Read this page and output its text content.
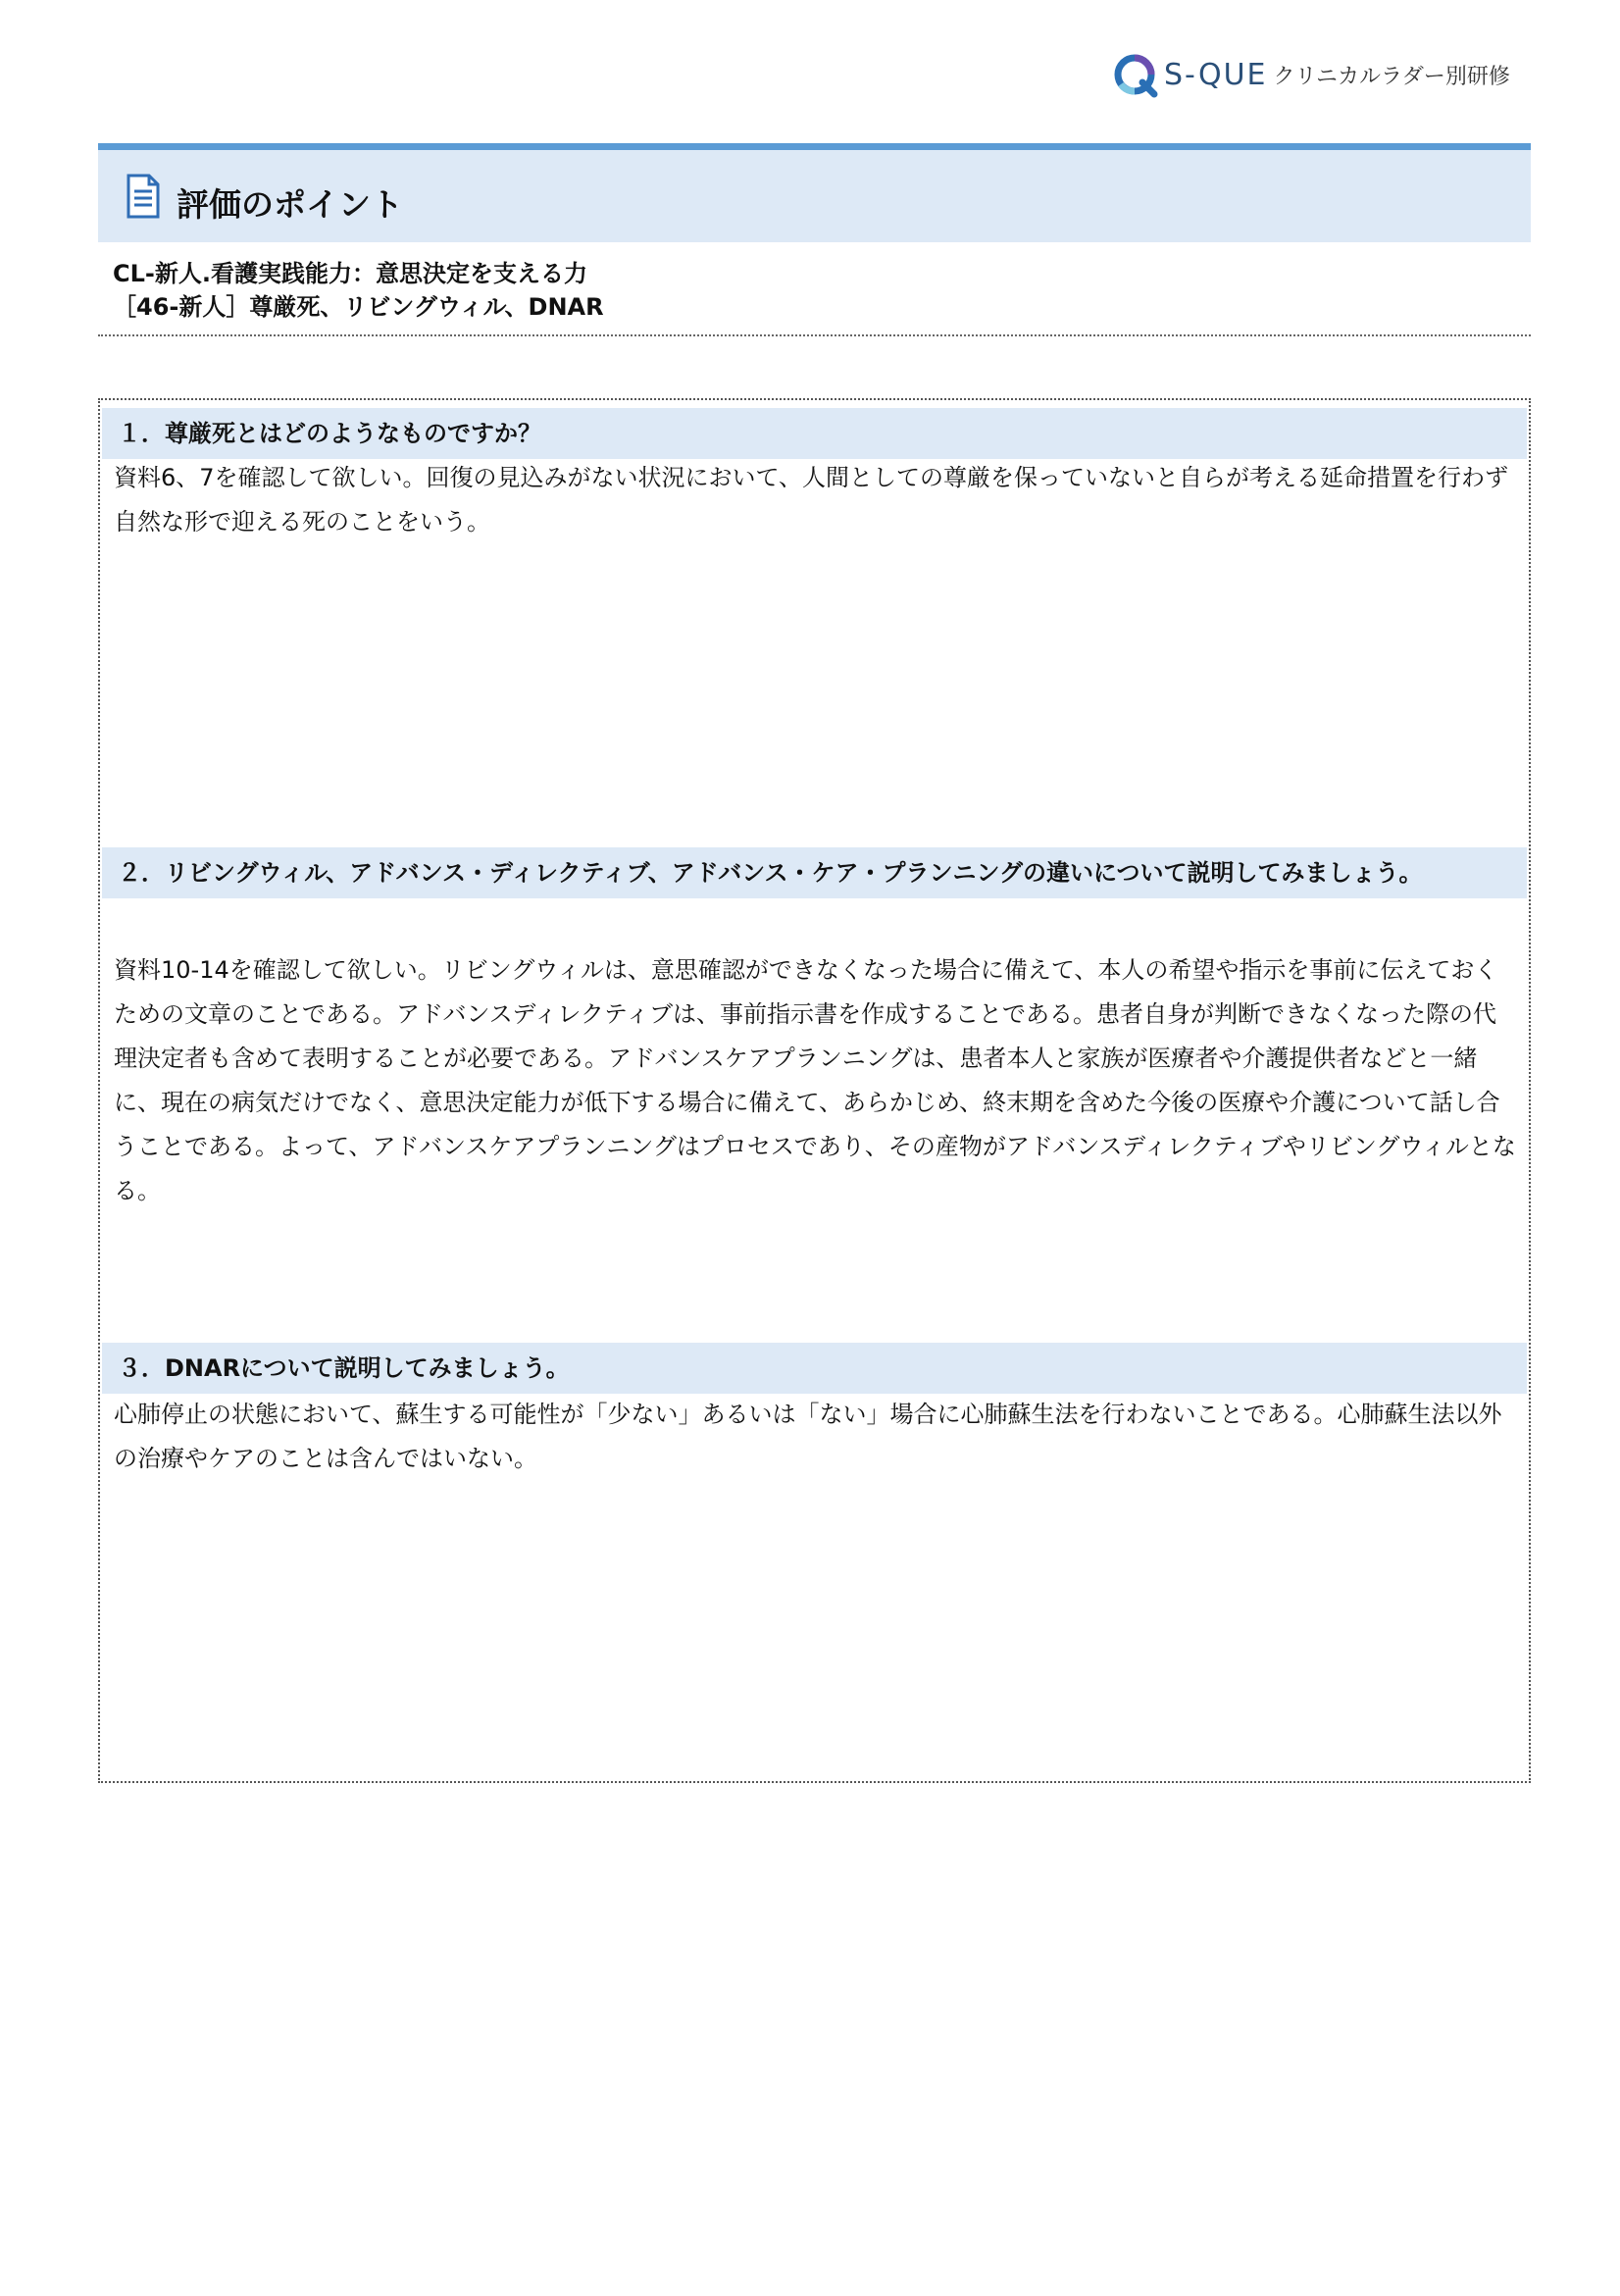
S-QUE クリニカルラダー別研修
評価のポイント
CL-新人.看護実践能力：意思決定を支える力
［46-新人］尊厳死、リビングウィル、DNAR
１．尊厳死とはどのようなものですか？
資料6、7を確認して欲しい。回復の見込みがない状況において、人間としての尊厳を保っていないと自らが考える延命措置を行わず自然な形で迎える死のことをいう。
２．リビングウィル、アドバンス・ディレクティブ、アドバンス・ケア・プランニングの違いについて説明してみましょう。
資料10-14を確認して欲しい。リビングウィルは、意思確認ができなくなった場合に備えて、本人の希望や指示を事前に伝えておくための文章のことである。アドバンスディレクティブは、事前指示書を作成することである。患者自身が判断できなくなった際の代理決定者も含めて表明することが必要である。アドバンスケアプランニングは、患者本人と家族が医療者や介護提供者などと一緒に、現在の病気だけでなく、意思決定能力が低下する場合に備えて、あらかじめ、終末期を含めた今後の医療や介護について話し合うことである。よって、アドバンスケアプランニングはプロセスであり、その産物がアドバンスディレクティブやリビングウィルとなる。
３．DNARについて説明してみましょう。
心肺停止の状態において、蘇生する可能性が「少ない」あるいは「ない」場合に心肺蘇生法を行わないことである。心肺蘇生法以外の治療やケアのことは含んではいない。
